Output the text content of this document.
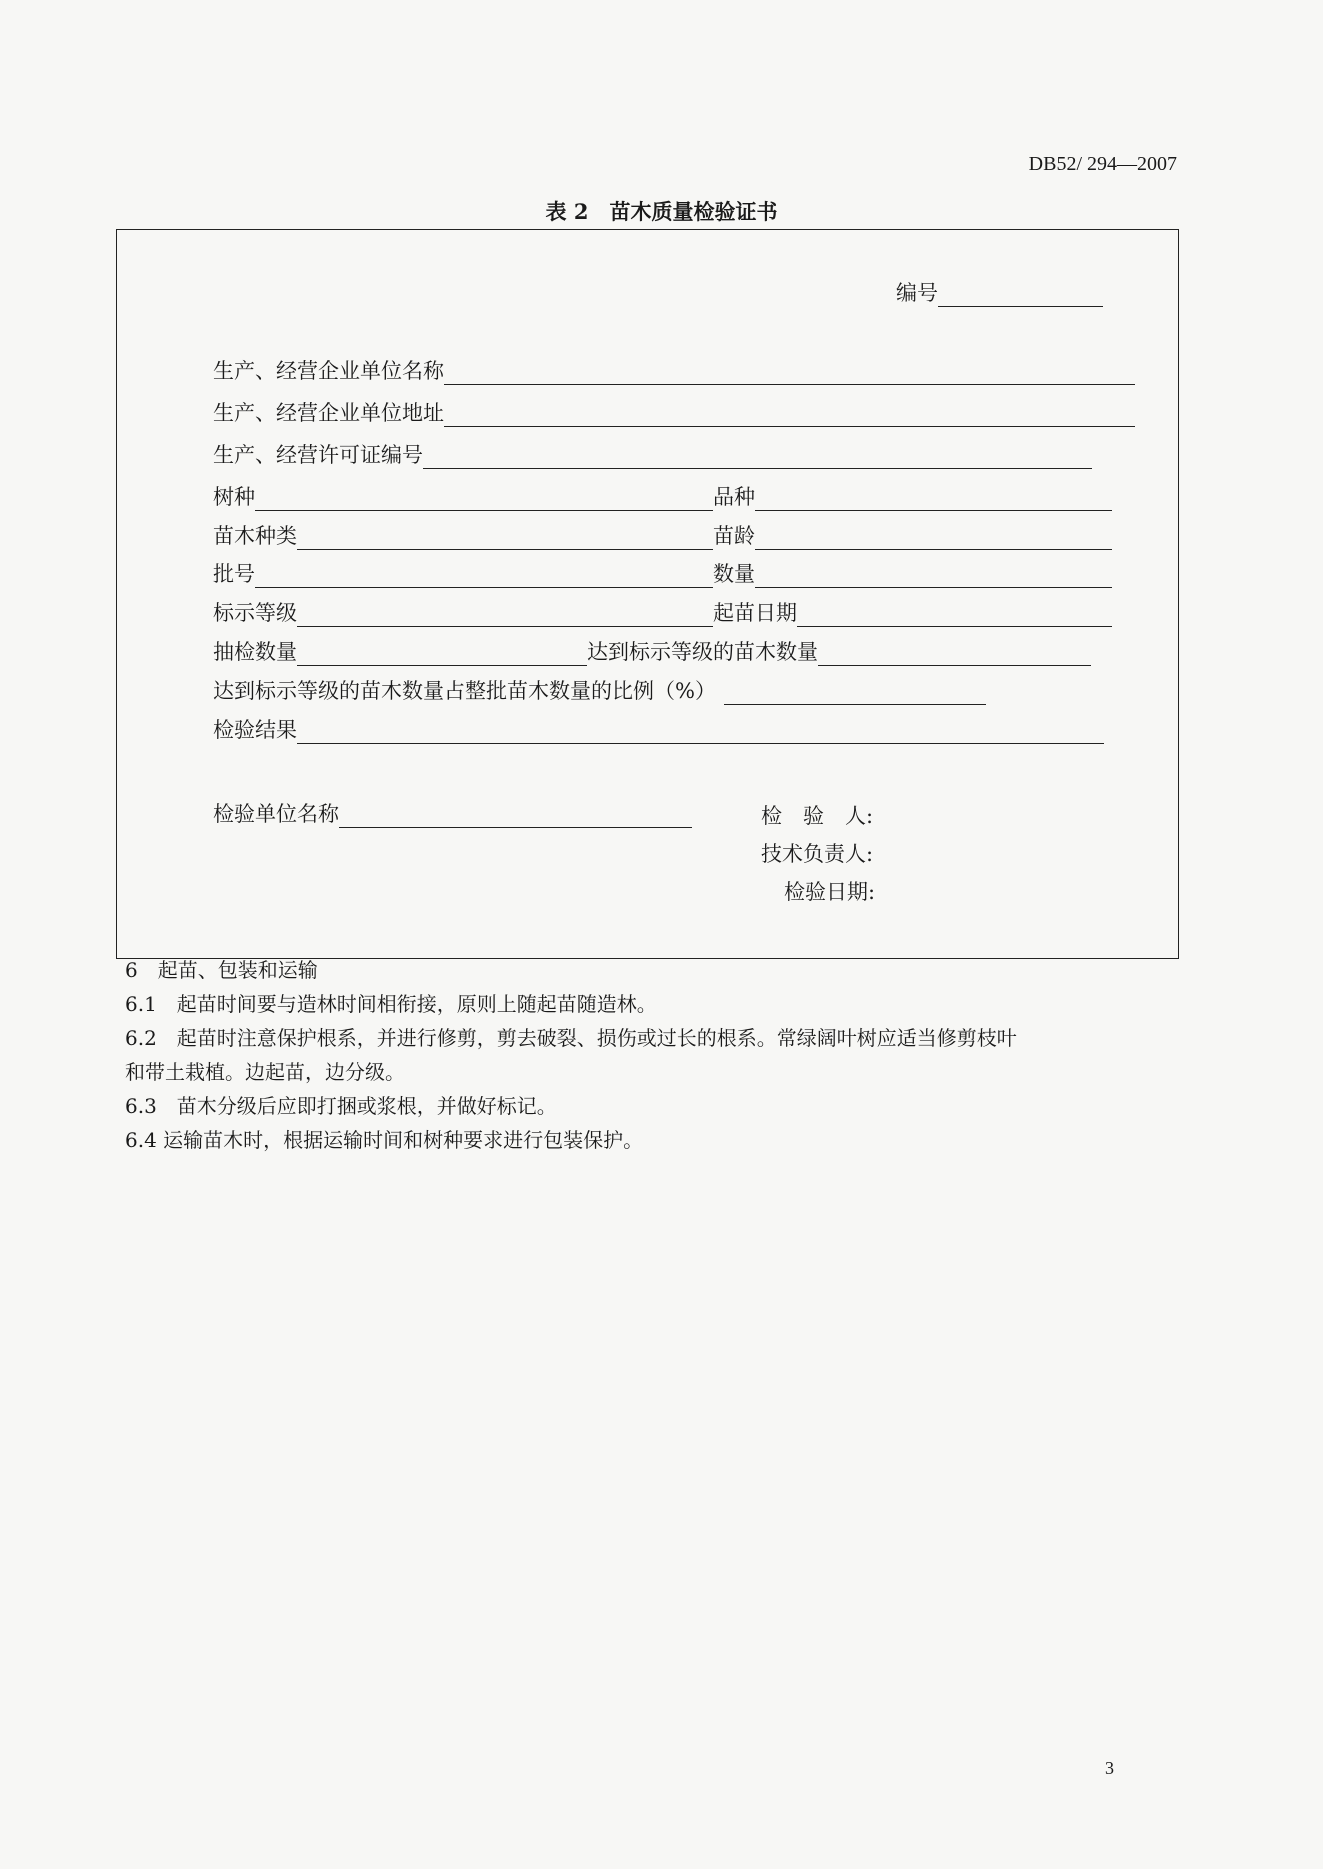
DB52/ 294—2007
表 2　苗木质量检验证书
编号
生产、经营企业单位名称
生产、经营企业单位地址
生产、经营许可证编号
树种	品种
苗木种类	苗龄
批号	数量
标示等级	起苗日期
抽检数量	达到标示等级的苗木数量
达到标示等级的苗木数量占整批苗木数量的比例（%）
检验结果
检验单位名称	检　验　人:
技术负责人:
检验日期:
6　起苗、包装和运输
6.1　起苗时间要与造林时间相衔接，原则上随起苗随造林。
6.2　起苗时注意保护根系，并进行修剪，剪去破裂、损伤或过长的根系。常绿阔叶树应适当修剪枝叶
和带土栽植。边起苗，边分级。
6.3　苗木分级后应即打捆或浆根，并做好标记。
6.4 运输苗木时，根据运输时间和树种要求进行包装保护。
3
